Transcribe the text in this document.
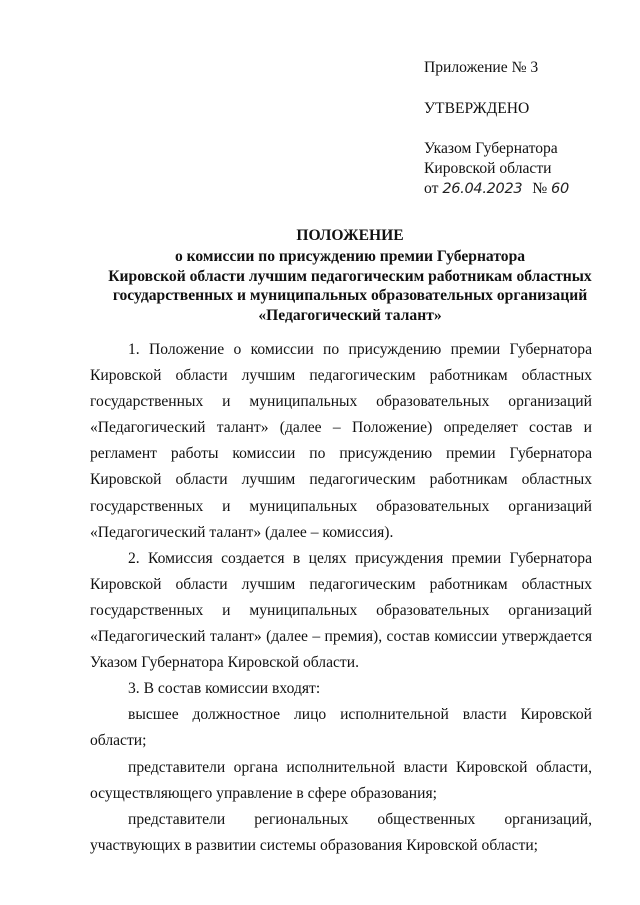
Приложение № 3
УТВЕРЖДЕНО
Указом Губернатора
Кировской области
от 26.04.2023 № 60
ПОЛОЖЕНИЕ
о комиссии по присуждению премии Губернатора
Кировской области лучшим педагогическим работникам областных
государственных и муниципальных образовательных организаций
«Педагогический талант»

1. Положение о комиссии по присуждению премии Губернатора Кировской области лучшим педагогическим работникам областных государственных и муниципальных образовательных организаций «Педагогический талант» (далее – Положение) определяет состав и регламент работы комиссии по присуждению премии Губернатора Кировской области лучшим педагогическим работникам областных государственных и муниципальных образовательных организаций «Педагогический талант» (далее – комиссия).

2. Комиссия создается в целях присуждения премии Губернатора Кировской области лучшим педагогическим работникам областных государственных и муниципальных образовательных организаций «Педагогический талант» (далее – премия), состав комиссии утверждается Указом Губернатора Кировской области.

3. В состав комиссии входят:

высшее должностное лицо исполнительной власти Кировской области;

представители органа исполнительной власти Кировской области, осуществляющего управление в сфере образования;

представители региональных общественных организаций, участвующих в развитии системы образования Кировской области;
